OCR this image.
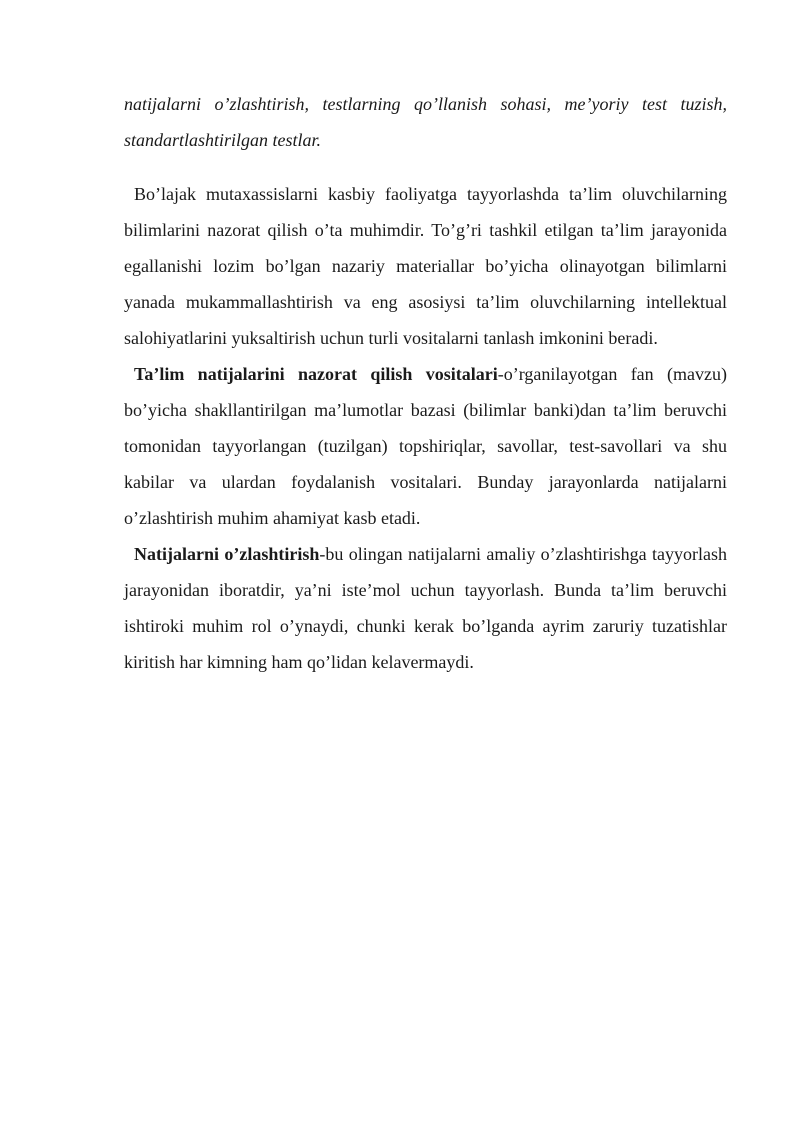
natijalarni o’zlashtirish, testlarning qo’llanish sohasi, me’yoriy test tuzish, standartlashtirilgan testlar.

Bo’lajak mutaxassislarni kasbiy faoliyatga tayyorlashda ta’lim oluvchilarning bilimlarini nazorat qilish o’ta muhimdir. To’g’ri tashkil etilgan ta’lim jarayonida egallanishi lozim bo’lgan nazariy materiallar bo’yicha olinayotgan bilimlarni yanada mukammallashtirish va eng asosiysi ta’lim oluvchilarning intellektual salohiyatlarini yuksaltirish uchun turli vositalarni tanlash imkonini beradi.

Ta’lim natijalarini nazorat qilish vositalari-o’rganilayotgan fan (mavzu) bo’yicha shakllantirilgan ma’lumotlar bazasi (bilimlar banki)dan ta’lim beruvchi tomonidan tayyorlangan (tuzilgan) topshiriqlar, savollar, test-savollari va shu kabilar va ulardan foydalanish vositalari. Bunday jarayonlarda natijalarni o’zlashtirish muhim ahamiyat kasb etadi.

Natijalarni o’zlashtirish-bu olingan natijalarni amaliy o’zlashtirishga tayyorlash jarayonidan iboratdir, ya’ni iste’mol uchun tayyorlash. Bunda ta’lim beruvchi ishtiroki muhim rol o’ynaydi, chunki kerak bo’lganda ayrim zaruriy tuzatishlar kiritish har kimning ham qo’lidan kelavermaydi.
